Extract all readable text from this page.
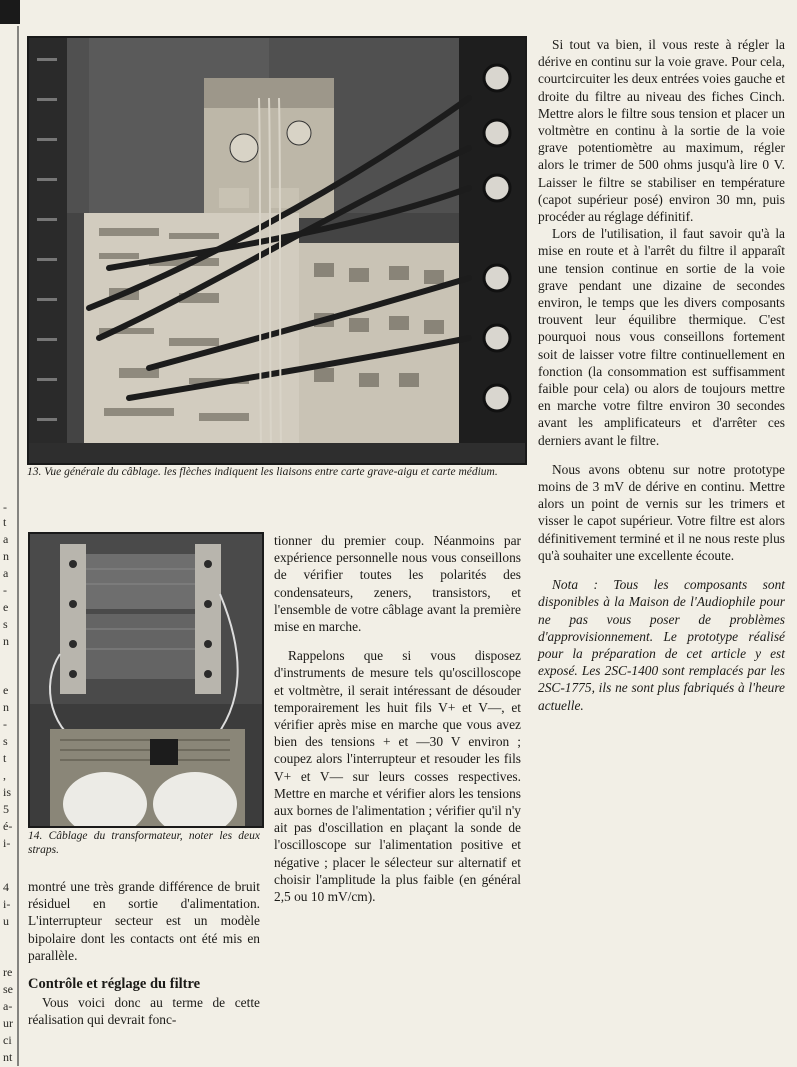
-
t
a
n
a
-
e
s
n
e
n
-
s
t
,
is
5
é-
i-
4
i-
u
re
se
a-
ur
ci
nt
13. Vue générale du câblage. les flèches indiquent les liaisons entre carte grave-aigu et carte médium.
14. Câblage du transformateur, noter les deux straps.

tionner du premier coup. Néanmoins par expérience personnelle nous vous conseillons de vérifier toutes les polarités des condensateurs, zeners, transistors, et l'ensemble de votre câblage avant la première mise en marche.

Rappelons que si vous disposez d'instruments de mesure tels qu'oscilloscope et voltmètre, il serait intéressant de désouder temporairement les huit fils V+ et V—, et vérifier après mise en marche que vous avez bien des tensions + et —30 V environ ; coupez alors l'interrupteur et resouder les fils V+ et V— sur leurs cosses respectives. Mettre en marche et vérifier alors les tensions aux bornes de l'alimentation ; vérifier qu'il n'y ait pas d'oscillation en plaçant la sonde de l'oscilloscope sur l'alimentation positive et négative ; placer le sélecteur sur alternatif et choisir l'amplitude la plus faible (en général 2,5 ou 10 mV/cm).

montré une très grande différence de bruit résiduel en sortie d'alimentation. L'interrupteur secteur est un modèle bipolaire dont les contacts ont été mis en parallèle.

Contrôle et réglage du filtre

Vous voici donc au terme de cette réalisation qui devrait fonc-

Si tout va bien, il vous reste à régler la dérive en continu sur la voie grave. Pour cela, courtcircuiter les deux entrées voies gauche et droite du filtre au niveau des fiches Cinch. Mettre alors le filtre sous tension et placer un voltmètre en continu à la sortie de la voie grave potentiomètre au maximum, régler alors le trimer de 500 ohms jusqu'à lire 0 V. Laisser le filtre se stabiliser en température (capot supérieur posé) environ 30 mn, puis procéder au réglage définitif.

Lors de l'utilisation, il faut savoir qu'à la mise en route et à l'arrêt du filtre il apparaît une tension continue en sortie de la voie grave pendant une dizaine de secondes environ, le temps que les divers composants trouvent leur équilibre thermique. C'est pourquoi nous vous conseillons fortement soit de laisser votre filtre continuellement en fonction (la consommation est suffisamment faible pour cela) ou alors de toujours mettre en marche votre filtre environ 30 secondes avant les amplificateurs et d'arrêter ces derniers avant le filtre.

Nous avons obtenu sur notre prototype moins de 3 mV de dérive en continu. Mettre alors un point de vernis sur les trimers et visser le capot supérieur. Votre filtre est alors définitivement terminé et il ne nous reste plus qu'à souhaiter une excellente écoute.

Nota : Tous les composants sont disponibles à la Maison de l'Audiophile pour ne pas vous poser de problèmes d'approvisionnement. Le prototype réalisé pour la préparation de cet article y est exposé. Les 2SC-1400 sont remplacés par les 2SC-1775, ils ne sont plus fabriqués à l'heure actuelle.
